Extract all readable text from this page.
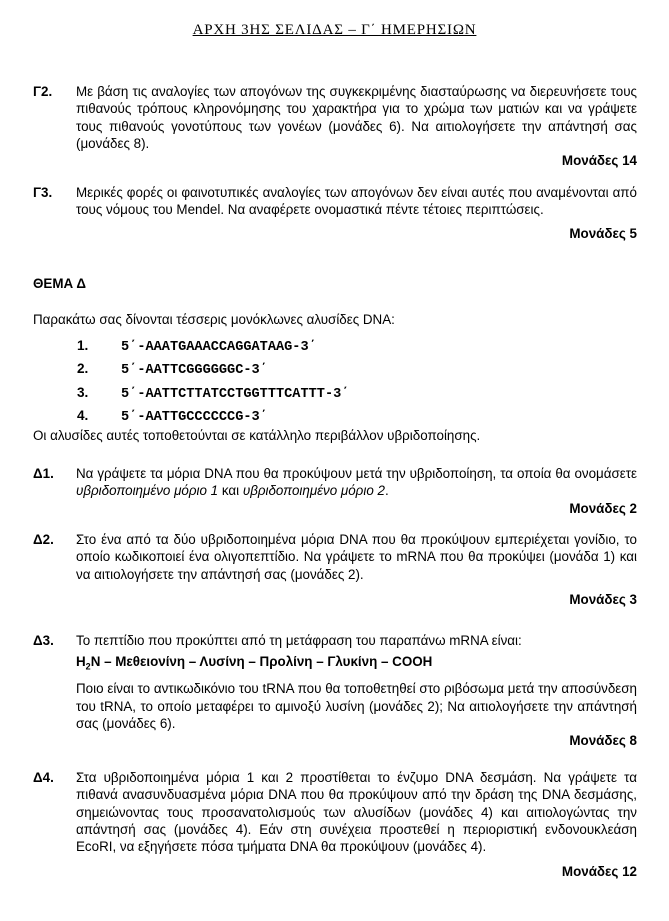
ΑΡΧΗ 3ΗΣ ΣΕΛΙΔΑΣ – Γ΄ ΗΜΕΡΗΣΙΩΝ
Γ2. Με βάση τις αναλογίες των απογόνων της συγκεκριμένης διασταύρωσης να διερευνήσετε τους πιθανούς τρόπους κληρονόμησης του χαρακτήρα για το χρώμα των ματιών και να γράψετε τους πιθανούς γονοτύπους των γονέων (μονάδες 6). Να αιτιολογήσετε την απάντησή σας (μονάδες 8).
Μονάδες 14
Γ3. Μερικές φορές οι φαινοτυπικές αναλογίες των απογόνων δεν είναι αυτές που αναμένονται από τους νόμους του Mendel. Να αναφέρετε ονομαστικά πέντε τέτοιες περιπτώσεις.
Μονάδες 5
ΘΕΜΑ Δ
Παρακάτω σας δίνονται τέσσερις μονόκλωνες αλυσίδες DNA:
1. 5΄-AAATGAAACCAGGATAAG-3΄
2. 5΄-AATTCGGGGGGC-3΄
3. 5΄-AATTCTTATCCTGGTTTCATTT-3΄
4. 5΄-AATTGCCCCCCG-3΄
Οι αλυσίδες αυτές τοποθετούνται σε κατάλληλο περιβάλλον υβριδοποίησης.
Δ1. Να γράψετε τα μόρια DNA που θα προκύψουν μετά την υβριδοποίηση, τα οποία θα ονομάσετε υβριδοποιημένο μόριο 1 και υβριδοποιημένο μόριο 2.
Μονάδες 2
Δ2. Στο ένα από τα δύο υβριδοποιημένα μόρια DNA που θα προκύψουν εμπεριέχεται γονίδιο, το οποίο κωδικοποιεί ένα ολιγοπεπτίδιο. Να γράψετε το mRNA που θα προκύψει (μονάδα 1) και να αιτιολογήσετε την απάντησή σας (μονάδες 2).
Μονάδες 3
Δ3. Το πεπτίδιο που προκύπτει από τη μετάφραση του παραπάνω mRNA είναι:
$H_2N$ – Μεθειονίνη – Λυσίνη – Προλίνη – Γλυκίνη – COOH
Ποιο είναι το αντικωδικόνιο του tRNA που θα τοποθετηθεί στο ριβόσωμα μετά την αποσύνδεση του tRNA, το οποίο μεταφέρει το αμινοξύ λυσίνη (μονάδες 2); Να αιτιολογήσετε την απάντησή σας (μονάδες 6).
Μονάδες 8
Δ4. Στα υβριδοποιημένα μόρια 1 και 2 προστίθεται το ένζυμο DNA δεσμάση. Να γράψετε τα πιθανά ανασυνδυασμένα μόρια DNA που θα προκύψουν από την δράση της DNA δεσμάσης, σημειώνοντας τους προσανατολισμούς των αλυσίδων (μονάδες 4) και αιτιολογώντας την απάντησή σας (μονάδες 4). Εάν στη συνέχεια προστεθεί η περιοριστική ενδονουκλεάση EcoRI, να εξηγήσετε πόσα τμήματα DNA θα προκύψουν (μονάδες 4).
Μονάδες 12
